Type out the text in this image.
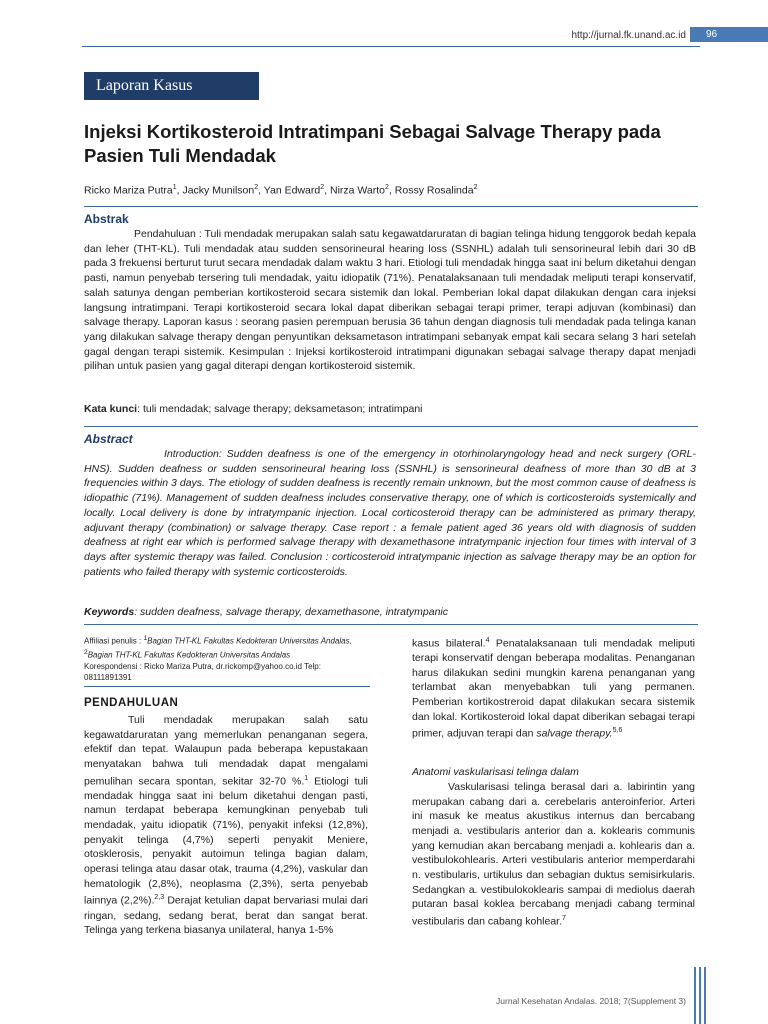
http://jurnal.fk.unand.ac.id	96
Laporan Kasus
Injeksi Kortikosteroid Intratimpani Sebagai Salvage Therapy pada Pasien Tuli Mendadak
Ricko Mariza Putra$^1$, Jacky Munilson$^2$, Yan Edward$^2$, Nirza Warto$^2$, Rossy Rosalinda$^2$
Abstrak
Pendahuluan : Tuli mendadak merupakan salah satu kegawatdaruratan di bagian telinga hidung tenggorok bedah kepala dan leher (THT-KL). Tuli mendadak atau sudden sensorineural hearing loss (SSNHL) adalah tuli sensorineural lebih dari 30 dB pada 3 frekuensi berturut turut secara mendadak dalam waktu 3 hari. Etiologi tuli mendadak hingga saat ini belum diketahui dengan pasti, namun penyebab tersering tuli mendadak, yaitu idiopatik (71%). Penatalaksanaan tuli mendadak meliputi terapi konservatif, salah satunya dengan pemberian kortikosteroid secara sistemik dan lokal. Pemberian lokal dapat dilakukan dengan cara injeksi langsung intratimpani. Terapi kortikosteroid secara lokal dapat diberikan sebagai terapi primer, terapi adjuvan (kombinasi) dan salvage therapy. Laporan kasus : seorang pasien perempuan berusia 36 tahun dengan diagnosis tuli mendadak pada telinga kanan yang dilakukan salvage therapy dengan penyuntikan deksametason intratimpani sebanyak empat kali secara selang 3 hari setelah gagal dengan terapi sistemik. Kesimpulan : Injeksi kortikosteroid intratimpani digunakan sebagai salvage therapy dapat menjadi pilihan untuk pasien yang gagal diterapi dengan kortikosteroid sistemik.
Kata kunci: tuli mendadak; salvage therapy; deksametason; intratimpani
Abstract
Introduction: Sudden deafness is one of the emergency in otorhinolaryngology head and neck surgery (ORL-HNS). Sudden deafness or sudden sensorineural hearing loss (SSNHL) is sensorineural deafness of more than 30 dB at 3 frequencies within 3 days. The etiology of sudden deafness is recently remain unknown, but the most common cause of deafness is idiopathic (71%). Management of sudden deafness includes conservative therapy, one of which is corticosteroids systemically and locally. Local delivery is done by intratympanic injection. Local corticosteroid therapy can be administered as primary therapy, adjuvant therapy (combination) or salvage therapy. Case report : a female patient aged 36 years old with diagnosis of sudden deafness at right ear which is performed salvage therapy with dexamethasone intratympanic injection four times with interval of 3 days after systemic therapy was failed. Conclusion : corticosteroid intratympanic injection as salvage therapy may be an option for patients who failed therapy with systemic corticosteroids.
Keywords: sudden deafness, salvage therapy, dexamethasone, intratympanic
Affiliasi penulis : $^1$Bagian THT-KL Fakultas Kedokteran Universitas Andalas, $^2$Bagian THT-KL Fakultas Kedokteran Universitas Andalas
Korespondensi : Ricko Mariza Putra, dr.rickomp@yahoo.co.id Telp: 08111891391
PENDAHULUAN
Tuli mendadak merupakan salah satu kegawatdaruratan yang memerlukan penanganan segera, efektif dan tepat. Walaupun pada beberapa kepustakaan menyatakan bahwa tuli mendadak dapat mengalami pemulihan secara spontan, sekitar 32-70 %.$^1$ Etiologi tuli mendadak hingga saat ini belum diketahui dengan pasti, namun terdapat beberapa kemungkinan penyebab tuli mendadak, yaitu idiopatik (71%), penyakit infeksi (12,8%), penyakit telinga (4,7%) seperti penyakit Meniere, otosklerosis, penyakit autoimun telinga bagian dalam, operasi telinga atau dasar otak, trauma (4,2%), vaskular dan hematologik (2,8%), neoplasma (2,3%), serta penyebab lainnya (2,2%).$^{2,3}$ Derajat ketulian dapat bervariasi mulai dari ringan, sedang, sedang berat, berat dan sangat berat. Telinga yang terkena biasanya unilateral, hanya 1-5%
kasus bilateral.$^4$ Penatalaksanaan tuli mendadak meliputi terapi konservatif dengan beberapa modalitas. Penanganan harus dilakukan sedini mungkin karena penanganan yang terlambat akan menyebabkan tuli yang permanen. Pemberian kortikostreroid dapat dilakukan secara sistemik dan lokal. Kortikosteroid lokal dapat diberikan sebagai terapi primer, adjuvan terapi dan salvage therapy.$^{5,6}$
Anatomi vaskularisasi telinga dalam
Vaskularisasi telinga berasal dari a. labirintin yang merupakan cabang dari a. cerebelaris anteroinferior. Arteri ini masuk ke meatus akustikus internus dan bercabang menjadi a. vestibularis anterior dan a. koklearis communis yang kemudian akan bercabang menjadi a. kohlearis dan a. vestibulokohlearis. Arteri vestibularis anterior memperdarahi n. vestibularis, urtikulus dan sebagian duktus semisirkularis. Sedangkan a. vestibulokoklearis sampai di mediolus daerah putaran basal koklea bercabang menjadi cabang terminal vestibularis dan cabang kohlear.$^7$
Jurnal Kesehatan Andalas. 2018; 7(Supplement 3)
